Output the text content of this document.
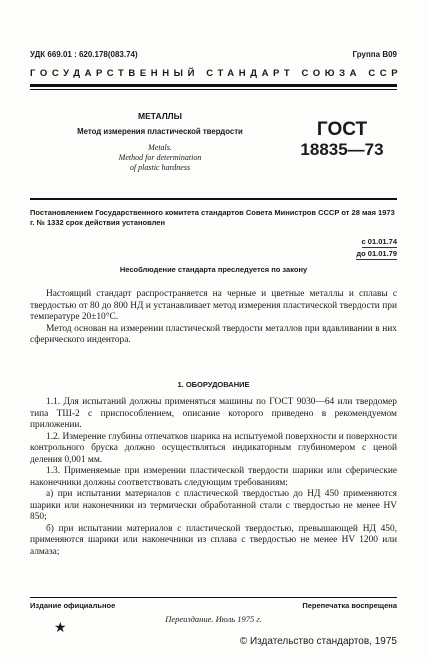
УДК 669.01 : 620.178(083.74)	Группа В09
ГОСУДАРСТВЕННЫЙ СТАНДАРТ СОЮЗА ССР
МЕТАЛЛЫ
Метод измерения пластической твердости
Metals.
Method for determination
of plastic hardness
ГОСТ
18835—73
Постановлением Государственного комитета стандартов Совета Министров СССР от 28 мая 1973 г. № 1332 срок действия установлен
с 01.01.74
до 01.01.79
Несоблюдение стандарта преследуется по закону

Настоящий стандарт распространяется на черные и цветные металлы и сплавы с твердостью от 80 до 800 НД и устанавливает метод измерения пластической твердости при температуре 20±10°С.

Метод основан на измерении пластической твердости металлов при вдавливании в них сферического индентора.

1. ОБОРУДОВАНИЕ

1.1. Для испытаний должны применяться машины по ГОСТ 9030—64 или твердомер типа ТШ-2 с приспособлением, описание которого приведено в рекомендуемом приложении.

1.2. Измерение глубины отпечатков шарика на испытуемой поверхности и поверхности контрольного бруска должно осуществляться индикаторным глубиномером с ценой деления 0,001 мм.

1.3. Применяемые при измерении пластической твердости шарики или сферические наконечники должны соответствовать следующим требованиям:

а) при испытании материалов с пластической твердостью до НД 450 применяются шарики или наконечники из термически обработанной стали с твердостью не менее HV 850;

б) при испытании материалов с пластической твердостью, превышающей НД 450, применяются шарики или наконечники из сплава с твердостью не менее HV 1200 или алмаза;

Издание официальное	Перепечатка воспрещена
Переиздание. Июль 1975 г.
★
© Издательство стандартов, 1975
